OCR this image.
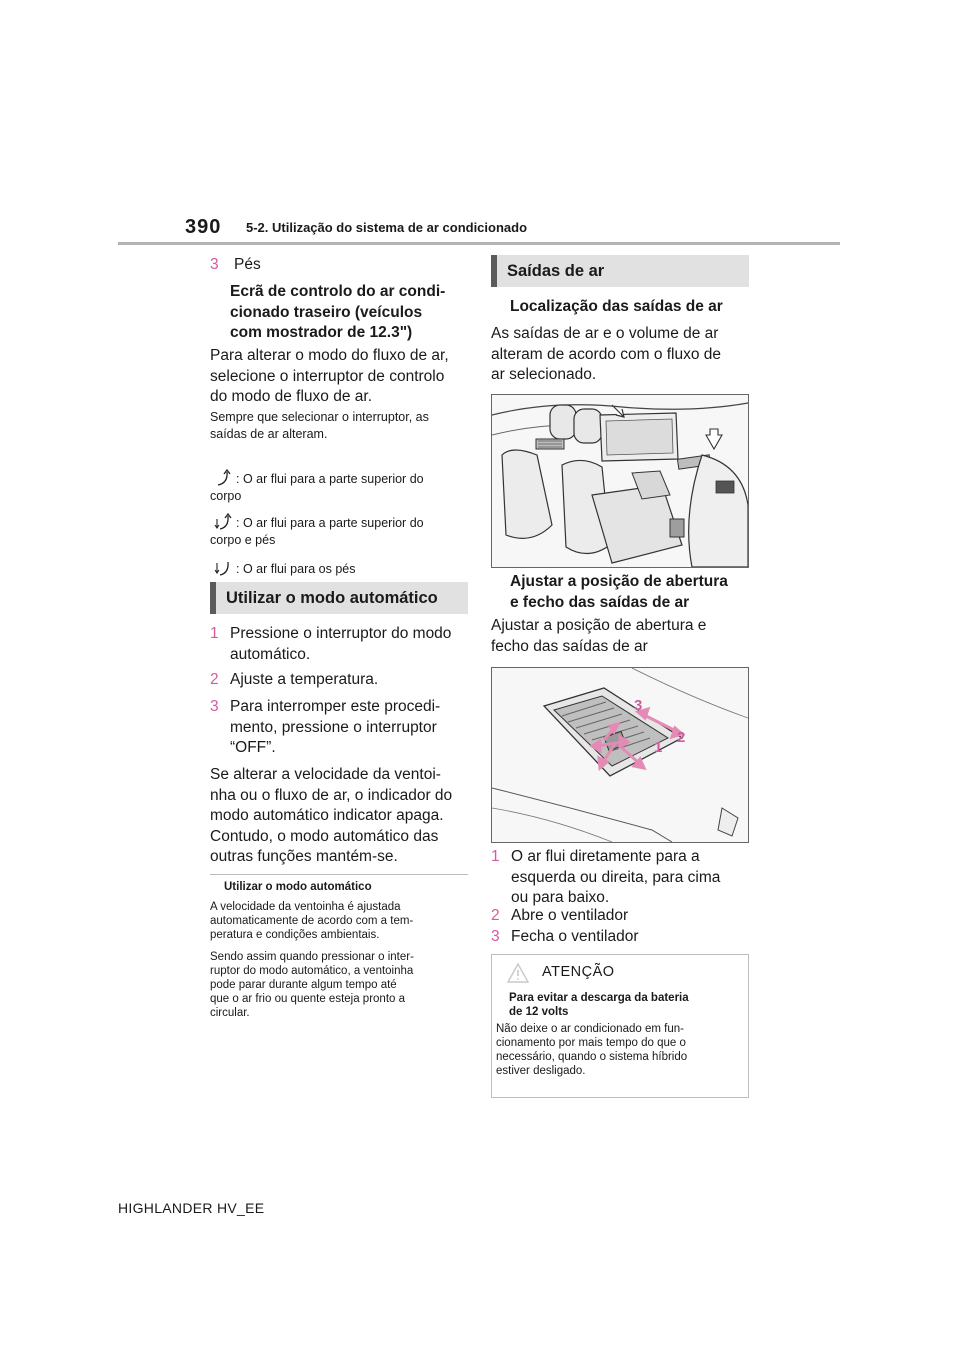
390 5-2. Utilização do sistema de ar condicionado
3 Pés
Ecrã de controlo do ar condi-
cionado traseiro (veículos
com mostrador de 12.3")
Para alterar o modo do fluxo de ar,
selecione o interruptor de controlo
do modo de fluxo de ar.
Sempre que selecionar o interruptor, as
saídas de ar alteram.

: O ar flui para a parte superior do
corpo

: O ar flui para a parte superior do
corpo e pés

: O ar flui para os pés

Utilizar o modo automático
1 Pressione o interruptor do modo
automático.
2 Ajuste a temperatura.
3 Para interromper este procedi-
mento, pressione o interruptor
“OFF”.
Se alterar a velocidade da ventoi-
nha ou o fluxo de ar, o indicador do
modo automático indicator apaga.
Contudo, o modo automático das
outras funções mantém-se.
Utilizar o modo automático
A velocidade da ventoinha é ajustada
automaticamente de acordo com a tem-
peratura e condições ambientais.
Sendo assim quando pressionar o inter-
ruptor do modo automático, a ventoinha
pode parar durante algum tempo até
que o ar frio ou quente esteja pronto a
circular.
Saídas de ar
Localização das saídas de ar
As saídas de ar e o volume de ar
alteram de acordo com o fluxo de
ar selecionado.
Ajustar a posição de abertura
e fecho das saídas de ar
Ajustar a posição de abertura e
fecho das saídas de ar
3
2
1
1 O ar flui diretamente para a
esquerda ou direita, para cima
ou para baixo.
2 Abre o ventilador
3 Fecha o ventilador
ATENÇÃO
Para evitar a descarga da bateria
de 12 volts
Não deixe o ar condicionado em fun-
cionamento por mais tempo do que o
necessário, quando o sistema híbrido
estiver desligado.
HIGHLANDER HV_EE
